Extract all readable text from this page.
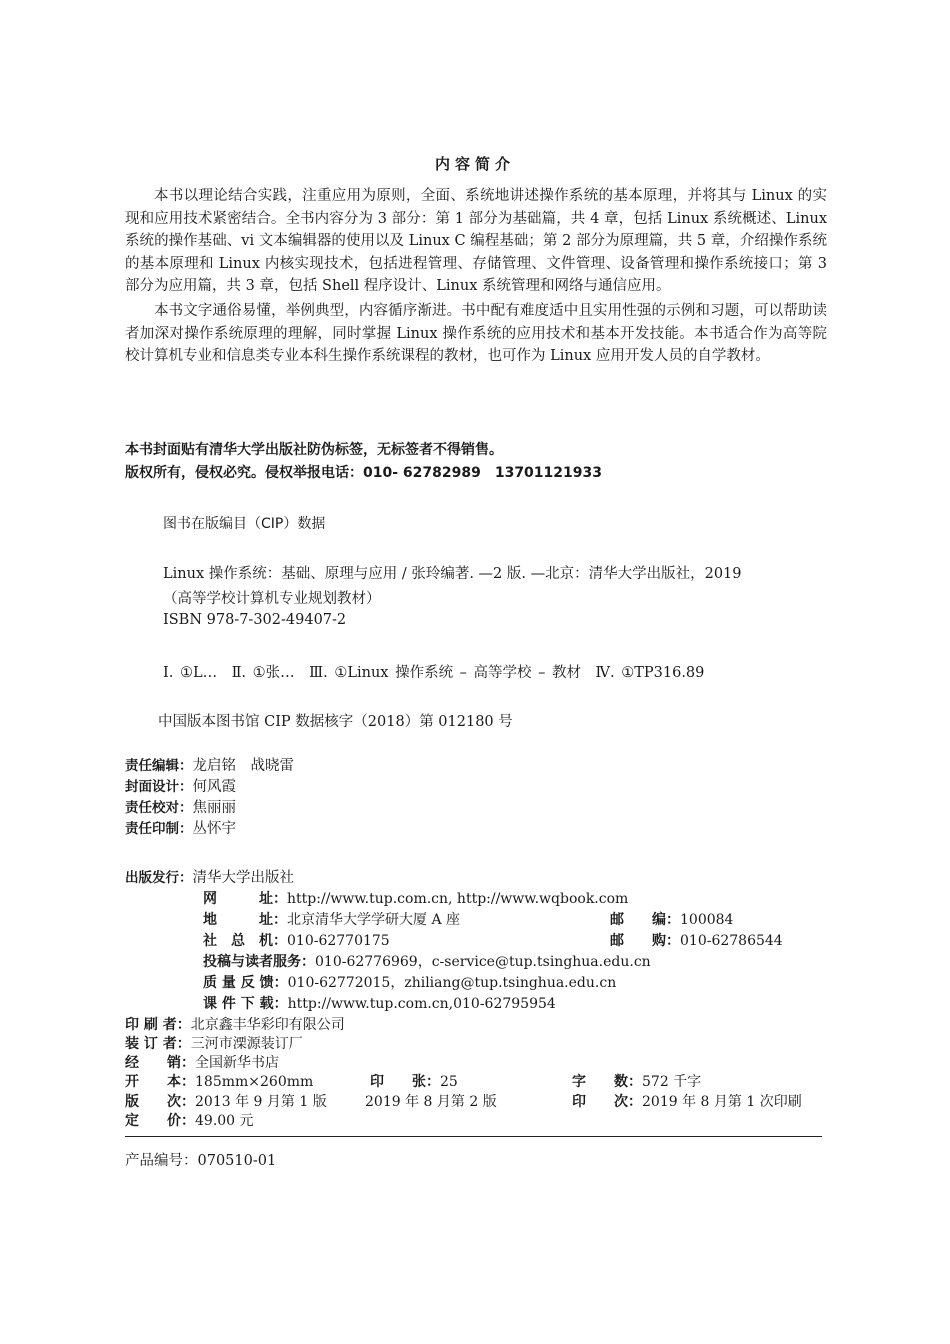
内容简介
本书以理论结合实践，注重应用为原则，全面、系统地讲述操作系统的基本原理，并将其与 Linux 的实现和应用技术紧密结合。全书内容分为 3 部分：第 1 部分为基础篇，共 4 章，包括 Linux 系统概述、Linux 系统的操作基础、vi 文本编辑器的使用以及 Linux C 编程基础；第 2 部分为原理篇，共 5 章，介绍操作系统的基本原理和 Linux 内核实现技术，包括进程管理、存储管理、文件管理、设备管理和操作系统接口；第 3 部分为应用篇，共 3 章，包括 Shell 程序设计、Linux 系统管理和网络与通信应用。
本书文字通俗易懂，举例典型，内容循序渐进。书中配有难度适中且实用性强的示例和习题，可以帮助读者加深对操作系统原理的理解，同时掌握 Linux 操作系统的应用技术和基本开发技能。本书适合作为高等院校计算机专业和信息类专业本科生操作系统课程的教材，也可作为 Linux 应用开发人员的自学教材。
本书封面贴有清华大学出版社防伪标签，无标签者不得销售。
版权所有，侵权必究。侵权举报电话：010- 62782989　13701121933
图书在版编目（CIP）数据
Linux 操作系统：基础、原理与应用 / 张玲编著. —2 版. —北京：清华大学出版社，2019
（高等学校计算机专业规划教材）
ISBN 978-7-302-49407-2
Ⅰ. ①L…　Ⅱ. ①张…　Ⅲ. ①Linux 操作系统 – 高等学校 – 教材　Ⅳ. ①TP316.89
中国版本图书馆 CIP 数据核字（2018）第 012180 号
责任编辑：龙启铭　战晓雷
封面设计：何风霞
责任校对：焦丽丽
责任印制：丛怀宇
出版发行：清华大学出版社
网　　　址：http://www.tup.com.cn, http://www.wqbook.com
地　　　址：北京清华大学学研大厦 A 座	邮　　编：100084
社　总　机：010-62770175	邮　　购：010-62786544
投稿与读者服务：010-62776969，c-service@tup.tsinghua.edu.cn
质 量 反 馈：010-62772015，zhiliang@tup.tsinghua.edu.cn
课 件 下 载：http://www.tup.com.cn,010-62795954
印 刷 者：北京鑫丰华彩印有限公司
装 订 者：三河市溧源装订厂
经　　销：全国新华书店
开　　本：185mm×260mm	印　　张：25	字　　数：572 千字
版　　次：2013 年 9 月第 1 版	2019 年 8 月第 2 版	印　　次：2019 年 8 月第 1 次印刷
定　　价：49.00 元
产品编号：070510-01
